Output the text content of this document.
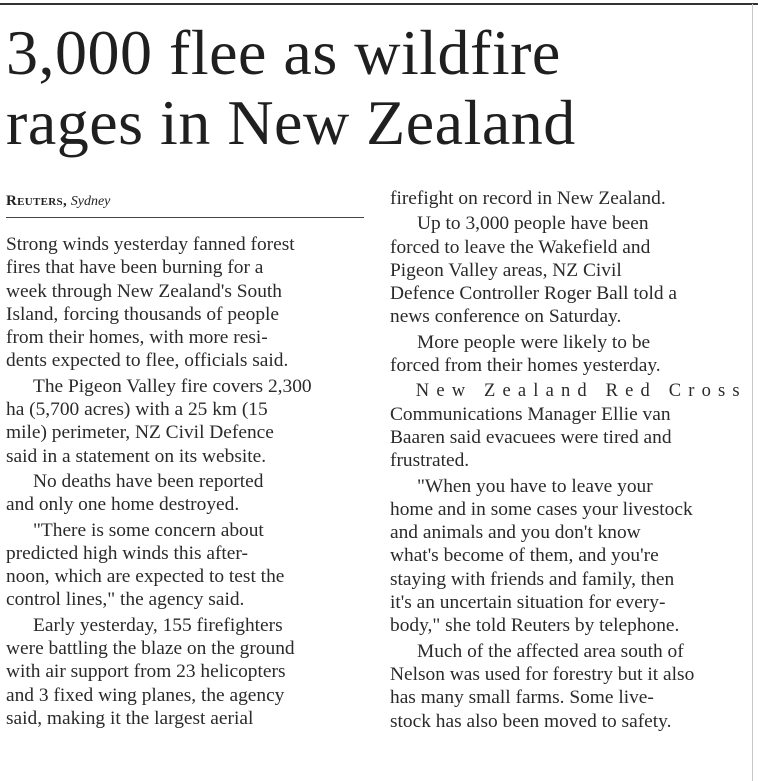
3,000 flee as wildfire
rages in New Zealand
Reuters, Sydney

Strong winds yesterday fanned forest
fires that have been burning for a
week through New Zealand's South
Island, forcing thousands of people
from their homes, with more resi-
dents expected to flee, officials said.

The Pigeon Valley fire covers 2,300
ha (5,700 acres) with a 25 km (15
mile) perimeter, NZ Civil Defence
said in a statement on its website.

No deaths have been reported
and only one home destroyed.

"There is some concern about
predicted high winds this after-
noon, which are expected to test the
control lines," the agency said.

Early yesterday, 155 firefighters
were battling the blaze on the ground
with air support from 23 helicopters
and 3 fixed wing planes, the agency
said, making it the largest aerial

firefight on record in New Zealand.

Up to 3,000 people have been
forced to leave the Wakefield and
Pigeon Valley areas, NZ Civil
Defence Controller Roger Ball told a
news conference on Saturday.

More people were likely to be
forced from their homes yesterday.

New Zealand Red Cross
Communications Manager Ellie van
Baaren said evacuees were tired and
frustrated.

"When you have to leave your
home and in some cases your livestock
and animals and you don't know
what's become of them, and you're
staying with friends and family, then
it's an uncertain situation for every-
body," she told Reuters by telephone.

Much of the affected area south of
Nelson was used for forestry but it also
has many small farms. Some live-
stock has also been moved to safety.
